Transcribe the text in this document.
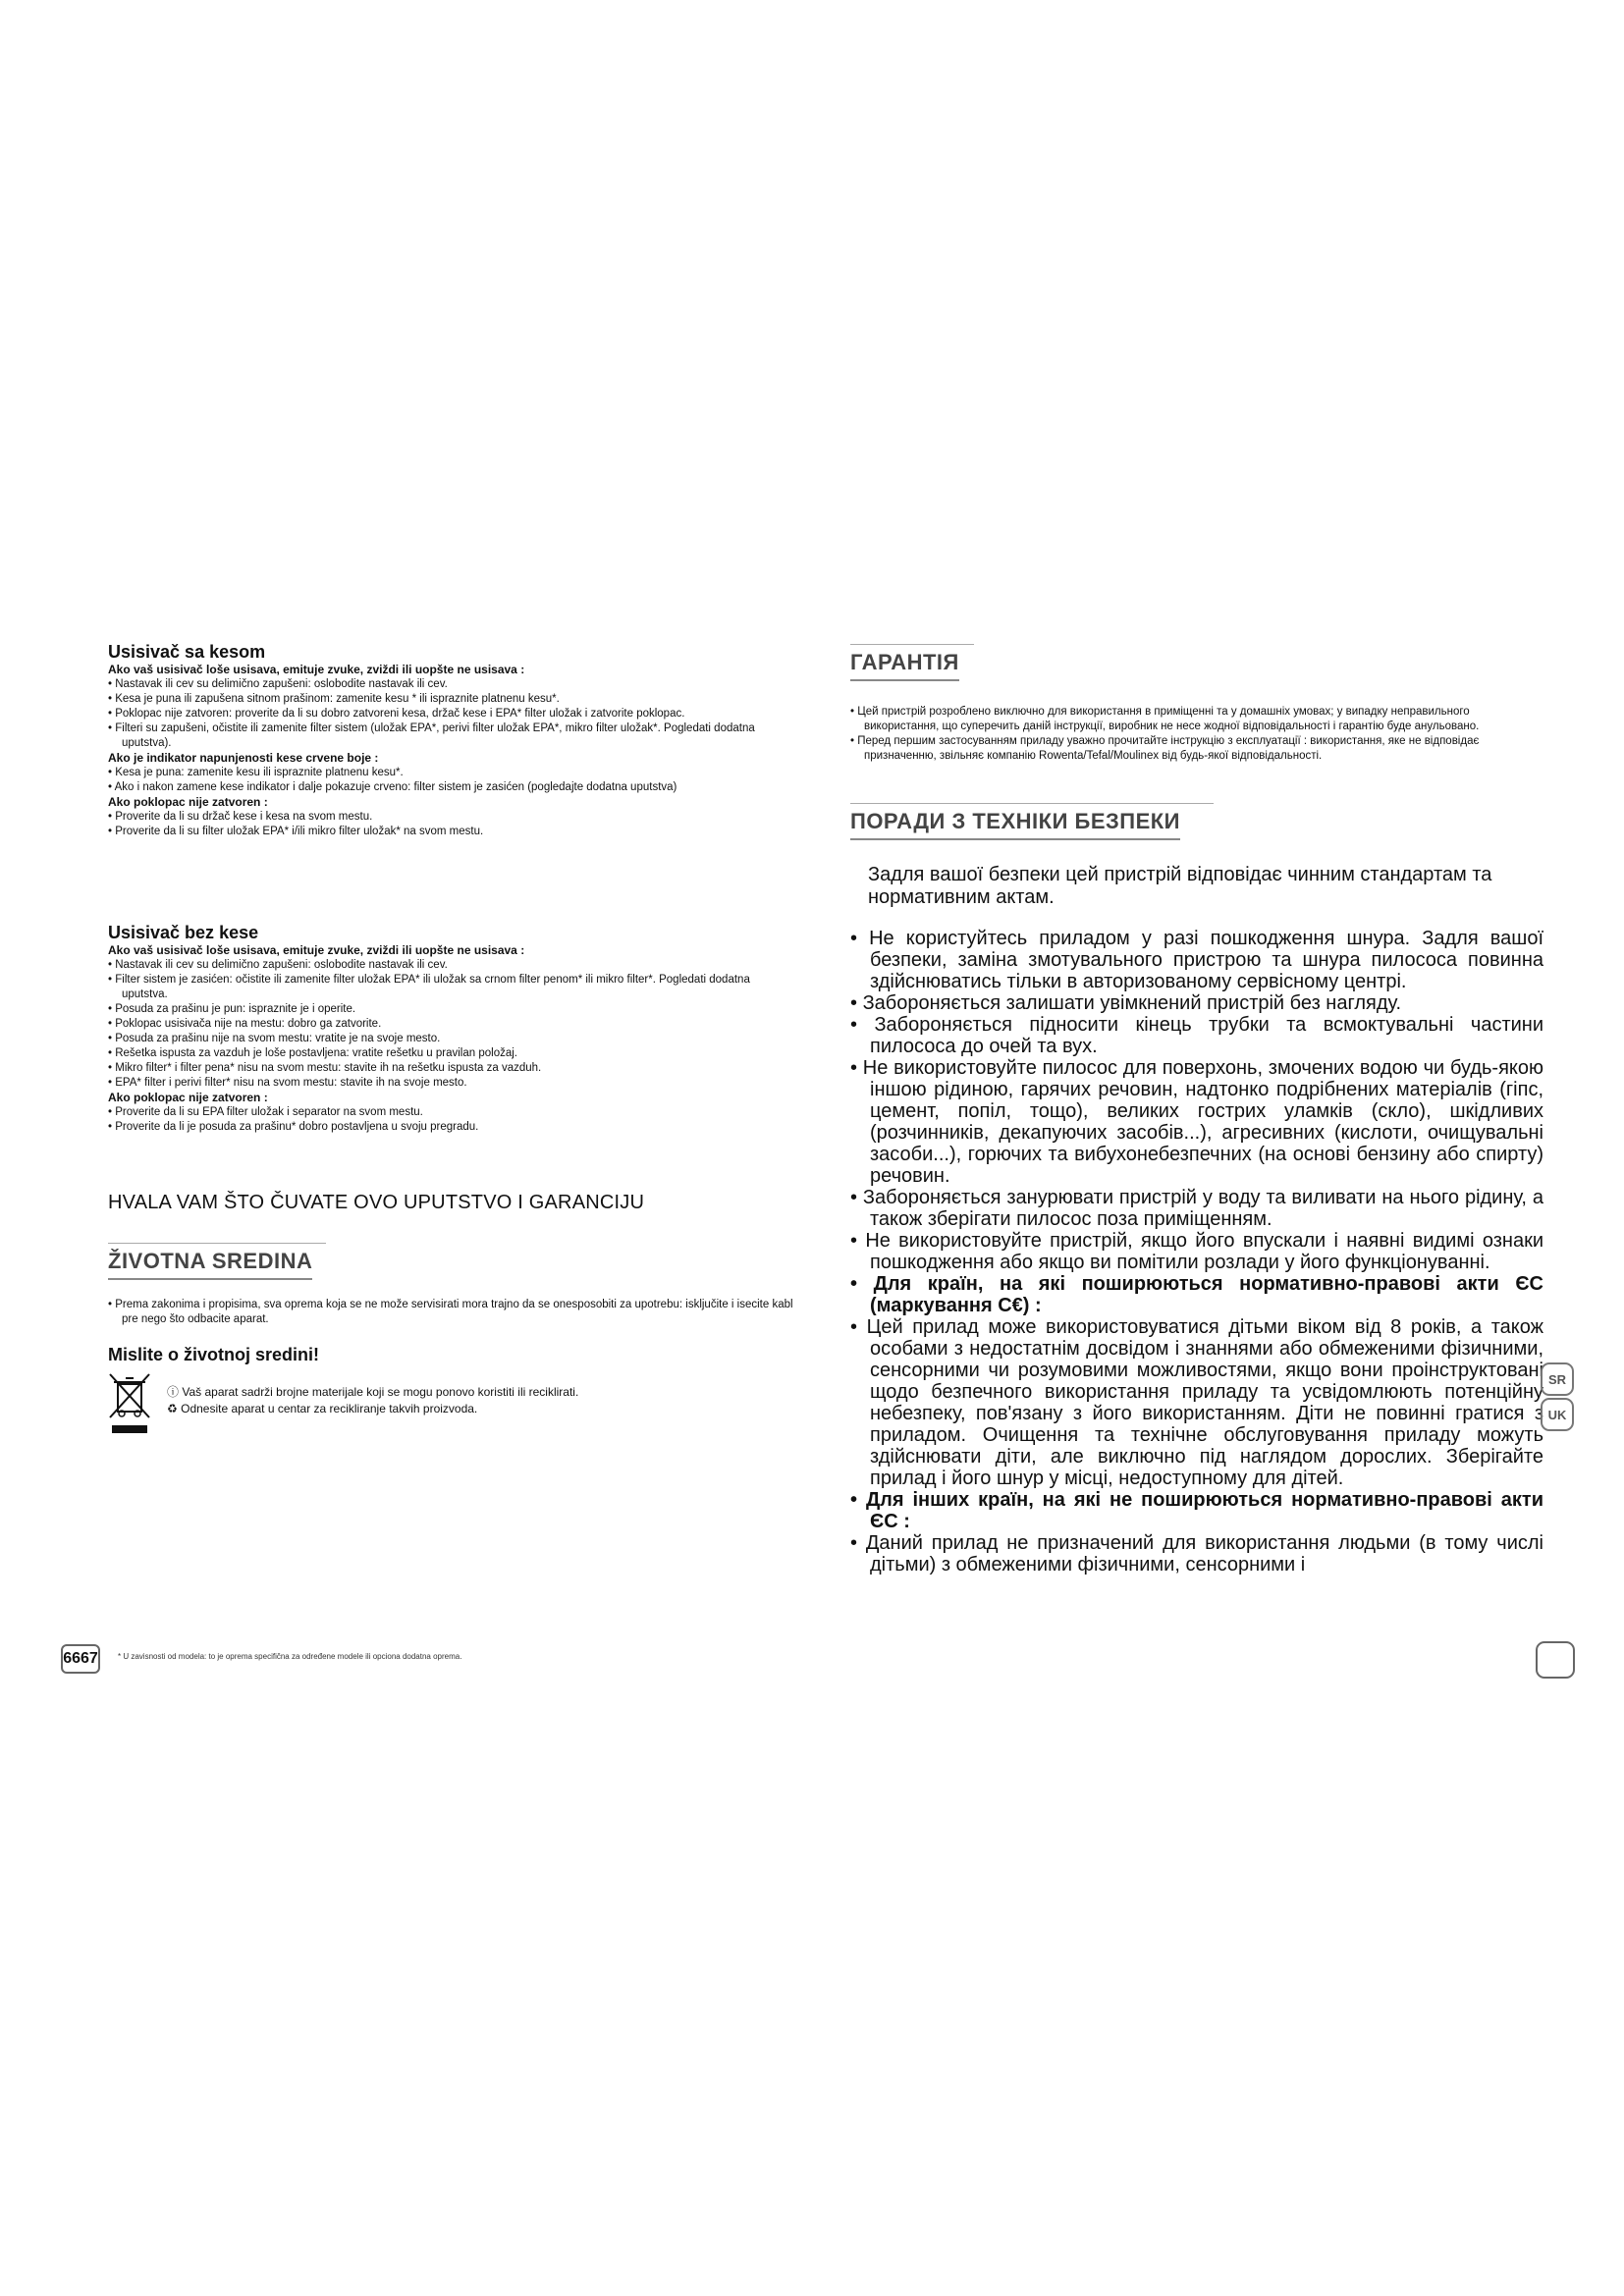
Usisivač sa kesom

Ako vaš usisivač loše usisava, emituje zvuke, zviždi ili uopšte ne usisava :

• Nastavak ili cev su delimično zapušeni: oslobodite nastavak ili cev.
• Kesa je puna ili zapušena sitnom prašinom: zamenite kesu * ili ispraznite platnenu kesu*.
• Poklopac nije zatvoren: proverite da li su dobro zatvoreni kesa, držač kese i EPA* filter uložak i zatvorite poklopac.
• Filteri su zapušeni, očistite ili zamenite filter sistem (uložak EPA*, perivi filter uložak EPA*, mikro filter uložak*. Pogledati dodatna uputstva).

Ako je indikator napunjenosti kese crvene boje :

• Kesa je puna: zamenite kesu ili ispraznite platnenu kesu*.
• Ako i nakon zamene kese indikator i dalje pokazuje crveno: filter sistem je zasićen (pogledajte dodatna uputstva)

Ako poklopac nije zatvoren :

• Proverite da li su držač kese i kesa na svom mestu.
• Proverite da li su filter uložak EPA* i/ili mikro filter uložak* na svom mestu.
Usisivač bez kese

Ako vaš usisivač loše usisava, emituje zvuke, zviždi ili uopšte ne usisava :

• Nastavak ili cev su delimično zapušeni: oslobodite nastavak ili cev.
• Filter sistem je zasićen: očistite ili zamenite filter uložak EPA* ili uložak sa crnom filter penom* ili mikro filter*. Pogledati dodatna uputstva.
• Posuda za prašinu je pun: ispraznite je i operite.
• Poklopac usisivača nije na mestu: dobro ga zatvorite.
• Posuda za prašinu nije na svom mestu: vratite je na svoje mesto.
• Rešetka ispusta za vazduh je loše postavljena: vratite rešetku u pravilan položaj.
• Mikro filter* i filter pena* nisu na svom mestu: stavite ih na rešetku ispusta za vazduh.
• EPA* filter i perivi filter* nisu na svom mestu: stavite ih na svoje mesto.

Ako poklopac nije zatvoren :

• Proverite da li su EPA filter uložak i separator na svom mestu.
• Proverite da li je posuda za prašinu* dobro postavljena u svoju pregradu.

HVALA VAM ŠTO ČUVATE OVO UPUTSTVO I GARANCIJU

ŽIVOTNA SREDINA
• Prema zakonima i propisima, sva oprema koja se ne može servisirati mora trajno da se onesposobiti za upotrebu: isključite i isecite kabl pre nego što odbacite aparat.
Mislite o životnoj sredini!
ⓘ Vaš aparat sadrži brojne materijale koji se mogu ponovo koristiti ili reciklirati.
♻ Odnesite aparat u centar za recikliranje takvih proizvoda.
6667	* U zavisnosti od modela: to je oprema specifična za određene modele ili opciona dodatna oprema.

ГАРАНТІЯ
• Цей пристрій розроблено виключно для використання в приміщенні та у домашніх умовах; у випадку неправильного використання, що суперечить даній інструкції, виробник не несе жодної відповідальності і гарантію буде анульовано.
• Перед першим застосуванням приладу уважно прочитайте інструкцію з експлуатації : використання, яке не відповідає призначенню, звільняє компанію Rowenta/Tefal/Moulinex від будь-якої відповідальності.
ПОРАДИ З ТЕХНІКИ БЕЗПЕКИ

Задля вашої безпеки цей пристрій відповідає чинним стандартам та нормативним актам.

• Не користуйтесь приладом у разі пошкодження шнура. Задля вашої безпеки, заміна змотувального пристрою та шнура пилососа повинна здійснюватись тільки в авторизованому сервісному центрі.
• Забороняється залишати увімкнений пристрій без нагляду.
• Забороняється підносити кінець трубки та всмоктувальні частини пилососа до очей та вух.
• Не використовуйте пилосос для поверхонь, змочених водою чи будь-якою іншою рідиною, гарячих речовин, надтонко подрібнених матеріалів (гіпс, цемент, попіл, тощо), великих гострих уламків (скло), шкідливих (розчинників, декапуючих засобів...), агресивних (кислоти, очищувальні засоби...), горючих та вибухонебезпечних (на основі бензину або спирту) речовин.
• Забороняється занурювати пристрій у воду та виливати на нього рідину, а також зберігати пилосос поза приміщенням.
• Не використовуйте пристрій, якщо його впускали і наявні видимі ознаки пошкодження або якщо ви помітили розлади у його функціонуванні.
• Для країн, на які поширюються нормативно-правові акти ЄС (маркування C€) :
• Цей прилад може використовуватися дітьми віком від 8 років, а також особами з недостатнім досвідом і знаннями або обмеженими фізичними, сенсорними чи розумовими можливостями, якщо вони проінструктовані щодо безпечного використання приладу та усвідомлюють потенційну небезпеку, пов'язану з його використанням. Діти не повинні гратися з приладом. Очищення та технічне обслуговування приладу можуть здійснювати діти, але виключно під наглядом дорослих. Зберігайте прилад і його шнур у місці, недоступному для дітей.
• Для інших країн, на які не поширюються нормативно-правові акти ЄС :
• Даний прилад не призначений для використання людьми (в тому числі дітьми) з обмеженими фізичними, сенсорними і
SR
UK
